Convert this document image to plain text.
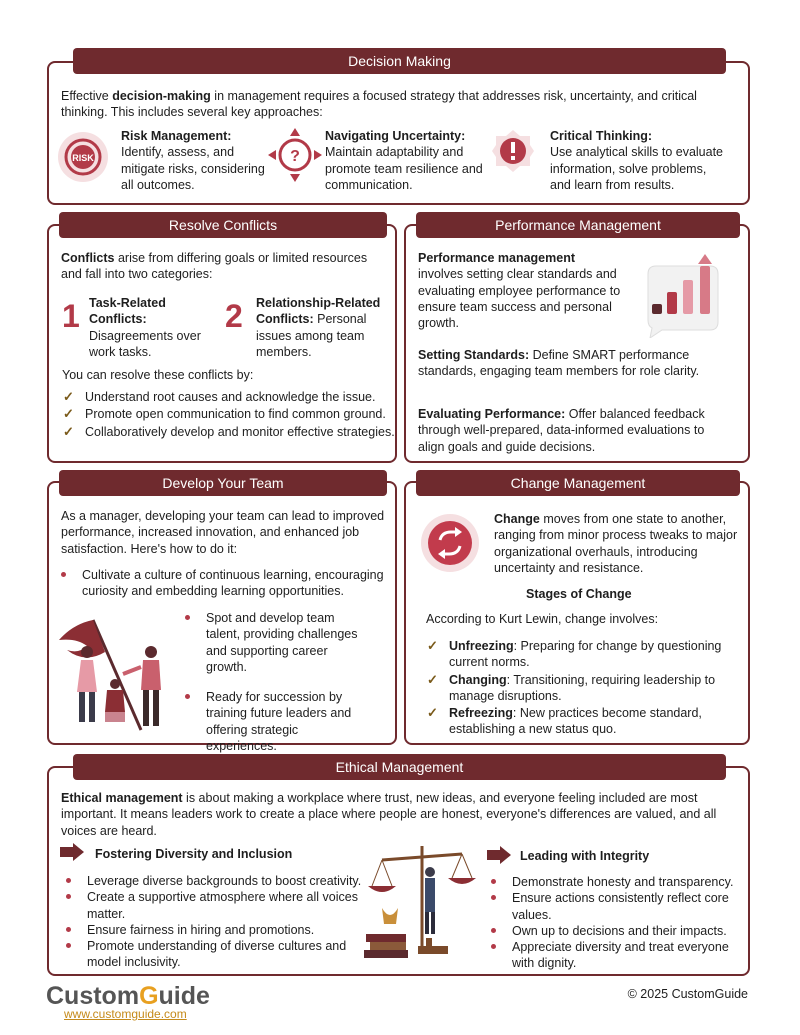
Decision Making
Effective decision-making in management requires a focused strategy that addresses risk, uncertainty, and critical thinking. This includes several key approaches:
RISK
Risk Management:
Identify, assess, and mitigate risks, considering all outcomes.
?
Navigating Uncertainty:
Maintain adaptability and promote team resilience and communication.
Critical Thinking:
Use analytical skills to evaluate information, solve problems, and learn from results.
Resolve Conflicts
Conflicts arise from differing goals or limited resources and fall into two categories:
1 Task-Related Conflicts:
Disagreements over work tasks.
2 Relationship-Related Conflicts: Personal issues among team members.
You can resolve these conflicts by:
✓ Understand root causes and acknowledge the issue.
✓ Promote open communication to find common ground.
✓ Collaboratively develop and monitor effective strategies.
Performance Management
Performance management
involves setting clear standards and evaluating employee performance to ensure team success and personal growth.
Setting Standards: Define SMART performance standards, engaging team members for role clarity.
Evaluating Performance: Offer balanced feedback through well-prepared, data-informed evaluations to align goals and guide decisions.
Develop Your Team
As a manager, developing your team can lead to improved performance, increased innovation, and enhanced job satisfaction. Here's how to do it:
Cultivate a culture of continuous learning, encouraging curiosity and embedding learning opportunities.
Spot and develop team talent, providing challenges and supporting career growth.
Ready for succession by training future leaders and offering strategic experiences.
Change Management
Change moves from one state to another, ranging from minor process tweaks to major organizational overhauls, introducing uncertainty and resistance.
Stages of Change
According to Kurt Lewin, change involves:
✓ Unfreezing: Preparing for change by questioning current norms.
✓ Changing: Transitioning, requiring leadership to manage disruptions.
✓ Refreezing: New practices become standard, establishing a new status quo.
Ethical Management
Ethical management is about making a workplace where trust, new ideas, and everyone feeling included are most important. It means leaders work to create a place where people are honest, everyone's differences are valued, and all voices are heard.
Fostering Diversity and Inclusion
Leverage diverse backgrounds to boost creativity.
Create a supportive atmosphere where all voices matter.
Ensure fairness in hiring and promotions.
Promote understanding of diverse cultures and model inclusivity.
Leading with Integrity
Demonstrate honesty and transparency.
Ensure actions consistently reflect core values.
Own up to decisions and their impacts.
Appreciate diversity and treat everyone with dignity.
CustomGuide
www.customguide.com
© 2025 CustomGuide
